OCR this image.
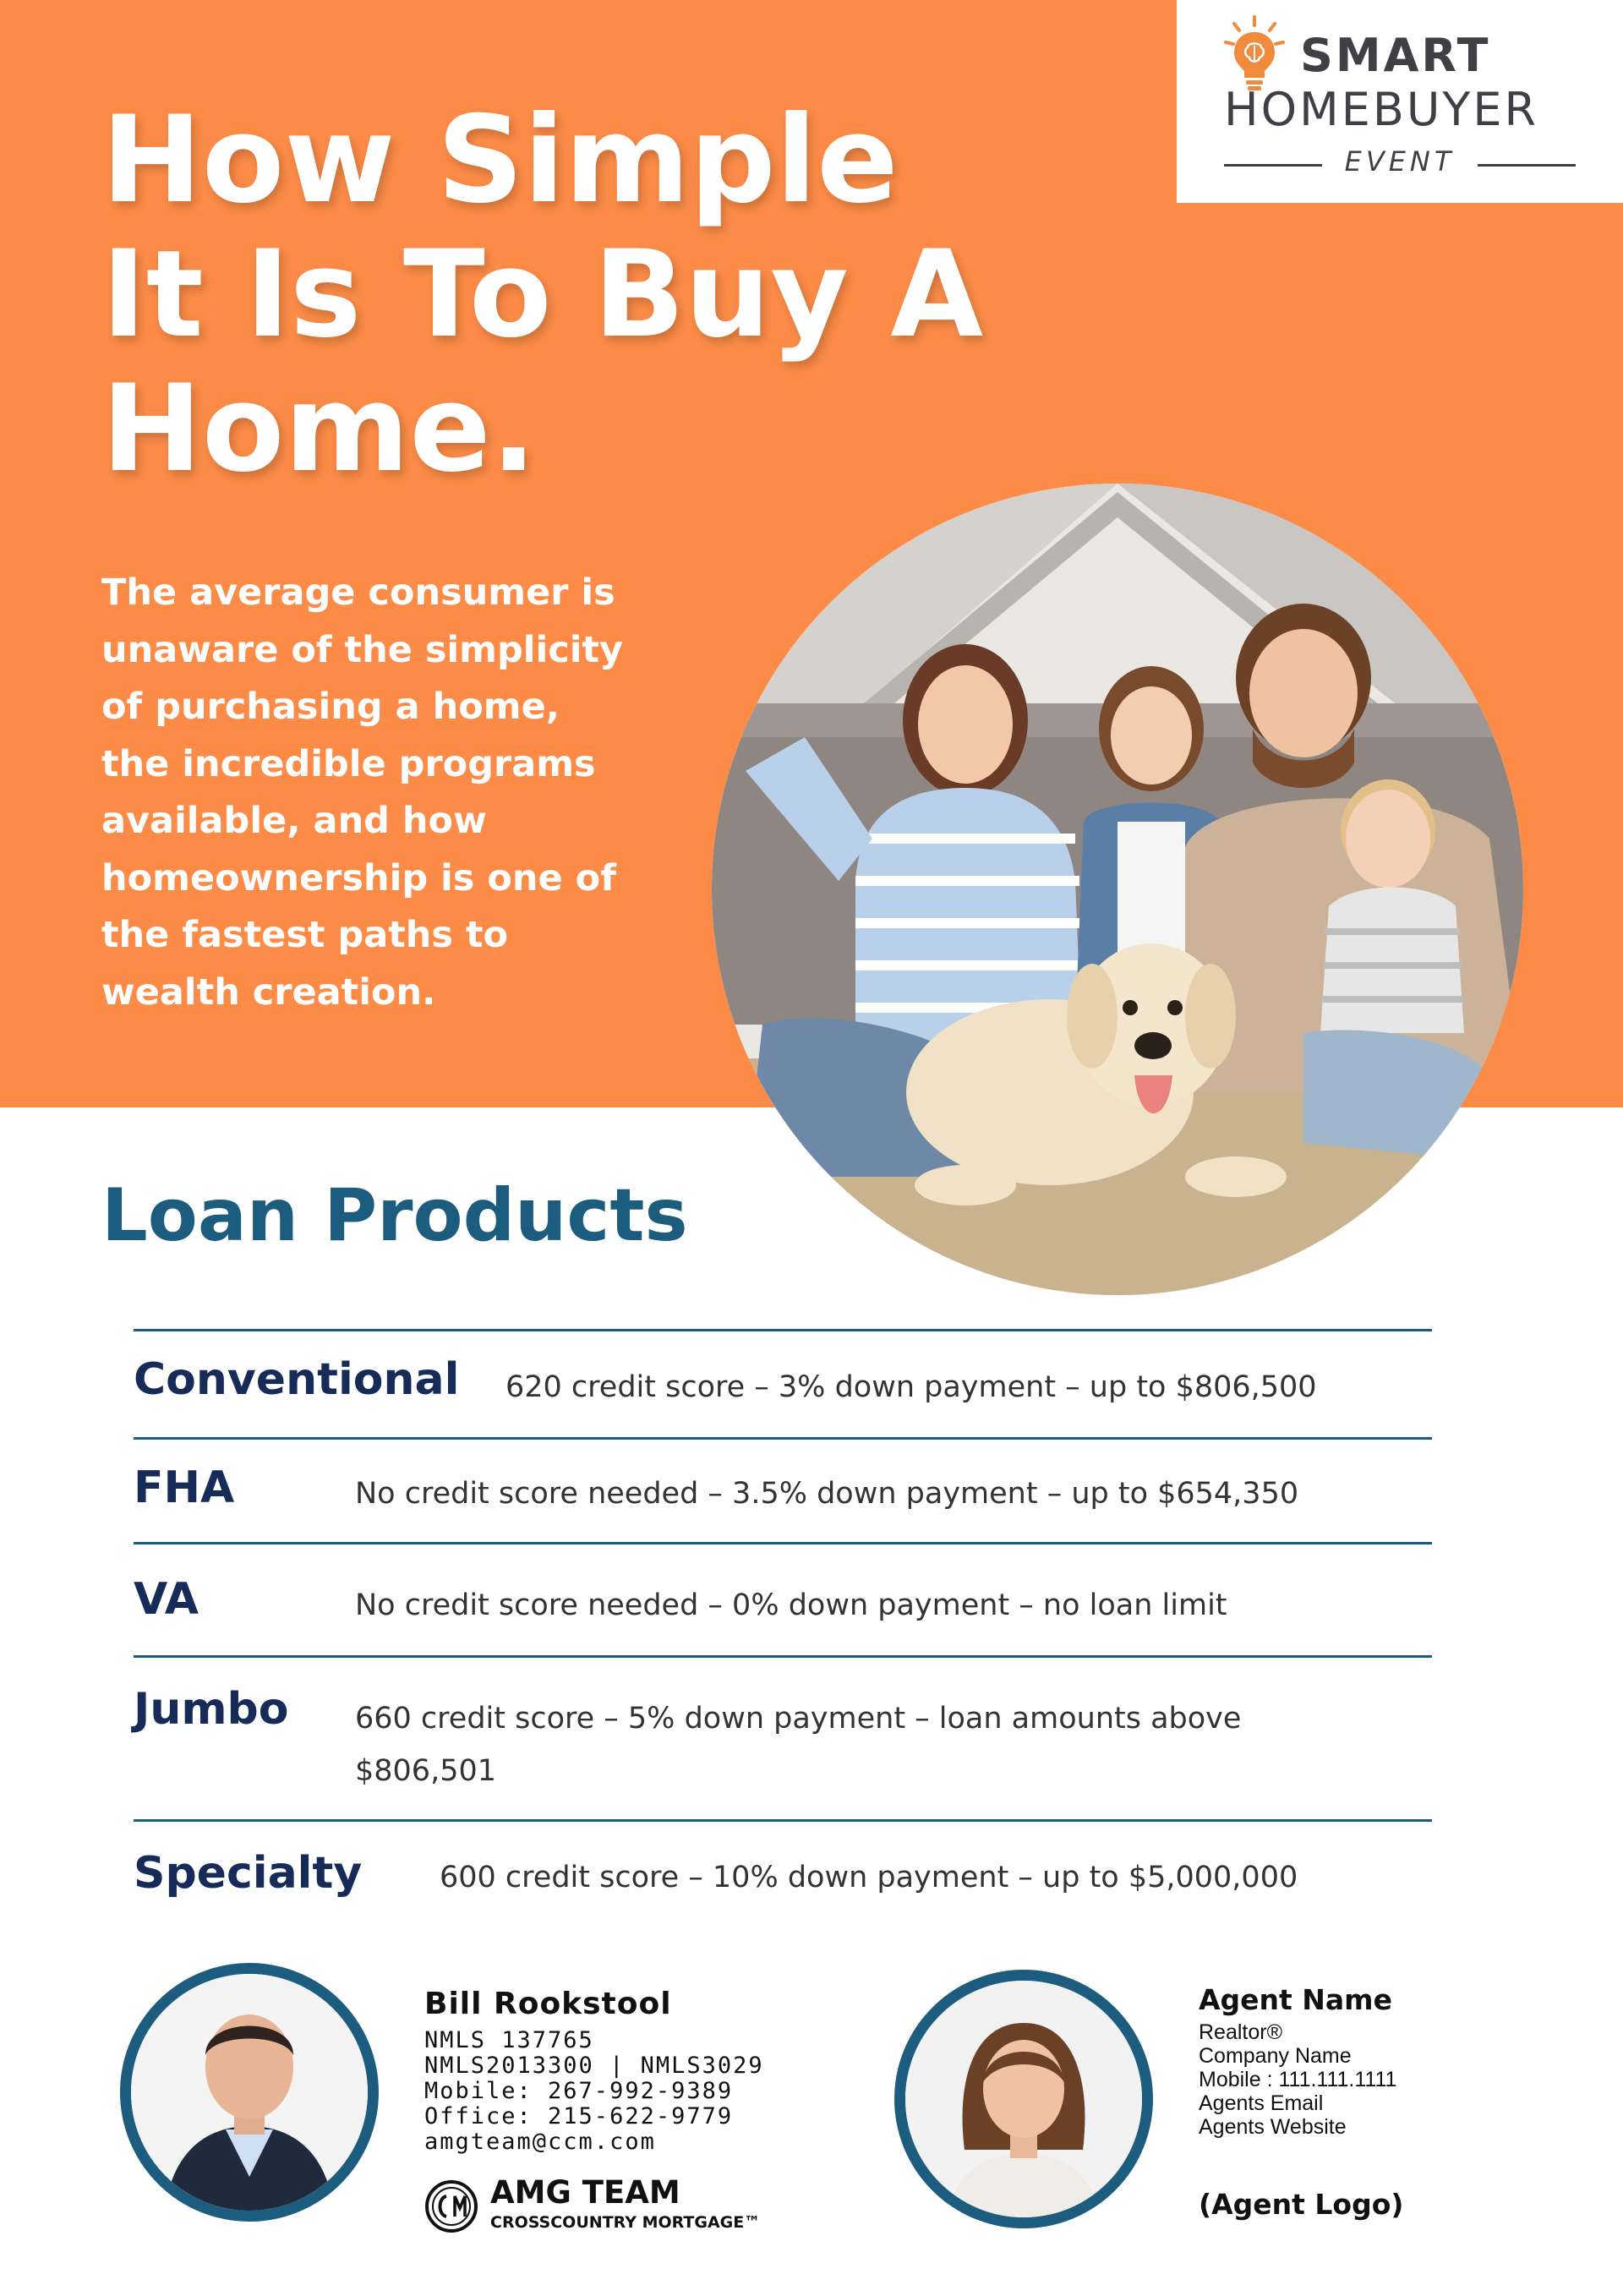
SMART
HOMEBUYER
EVENT
How Simple
It Is To Buy A
Home.

The average consumer is
unaware of the simplicity
of purchasing a home,
the incredible programs
available, and how
homeownership is one of
the fastest paths to
wealth creation.

Loan Products
Conventional 620 credit score – 3% down payment – up to $806,500
FHA	No credit score needed – 3.5% down payment – up to $654,350
VA	No credit score needed – 0% down payment – no loan limit
Jumbo 660 credit score – 5% down payment – loan amounts above
$806,501
Specialty	600 credit score – 10% down payment – up to $5,000,000
Bill Rookstool
NMLS 137765
NMLS2013300 | NMLS3029
Mobile: 267-992-9389
Office: 215-622-9779
amgteam@ccm.com
AMG TEAM
CROSSCOUNTRY MORTGAGE™
Agent Name
Realtor®
Company Name
Mobile : 111.111.1111
Agents Email
Agents Website
(Agent Logo)
